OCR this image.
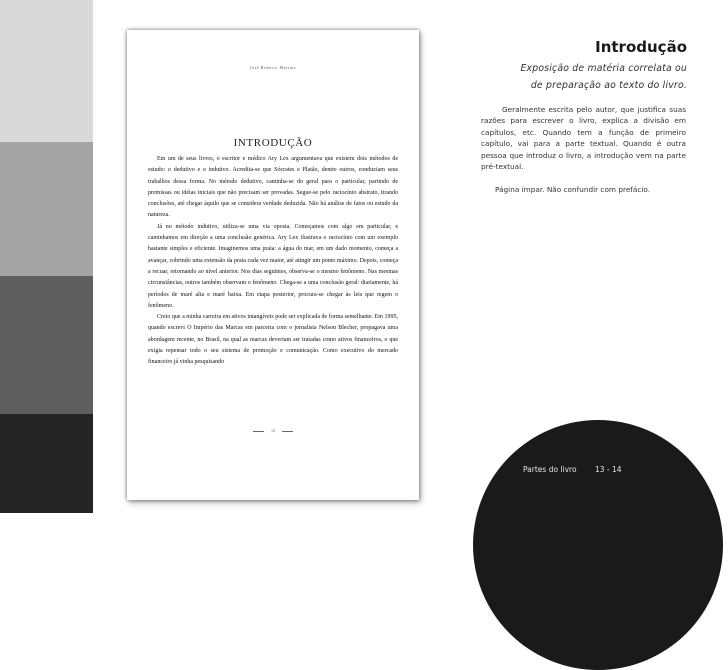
José Roberto Martins
INTRODUÇÃO

Em um de seus livros, o escritor e médico Ary Lex argumentava que existem dois métodos de estudo: o dedutivo e o indutivo. Acredita-se que Sócrates e Platão, dentre outros, conduziam seus trabalhos dessa forma. No método dedutivo, caminha-se do geral para o particular, partindo de premissas ou idéias iniciais que não precisam ser provadas. Segue-se pelo raciocínio abstrato, tirando conclusões, até chegar àquilo que se considera verdade deduzida. Não há análise de fatos ou estudo da natureza.

Já no método indutivo, utiliza-se uma via oposta. Começamos com algo em particular, e caminhamos em direção a uma conclusão genérica. Ary Lex ilustrava o raciocínio com um exemplo bastante simples e eficiente. Imaginemos uma praia: a água do mar, em um dado momento, começa a avançar, cobrindo uma extensão da praia cada vez maior, até atingir um ponto máximo. Depois, começa a recuar, retornando ao nível anterior. Nos dias seguintes, observa-se o mesmo fenômeno. Nas mesmas circunstâncias, outros também observam o fenômeno. Chega-se a uma conclusão geral: diariamente, há períodos de maré alta e maré baixa. Em etapa posterior, procura-se chegar às leis que regem o fenômeno.

Creio que a minha carreira em ativos intangíveis pode ser explicada de forma semelhante. Em 1995, quando escrevi O Império das Marcas em parceria com o jornalista Nelson Blecher, propagava uma abordagem recente, no Brasil, na qual as marcas deveriam ser tratadas como ativos financeiros, o que exigia repensar todo o seu sistema de promoção e comunicação. Como executivo do mercado financeiro já vinha pesquisando

14
Introdução
Exposição de matéria correlata ou
de preparação ao texto do livro.

Geralmente escrita pelo autor, que justifica suas razões para escrever o livro, explica a divisão em capítulos, etc. Quando tem a função de primeiro capítulo, vai para a parte textual. Quando é outra pessoa que introduz o livro, a introdução vem na parte pré-textual.

Página ímpar. Não confundir com prefácio.

Partes do livro 13 - 14
